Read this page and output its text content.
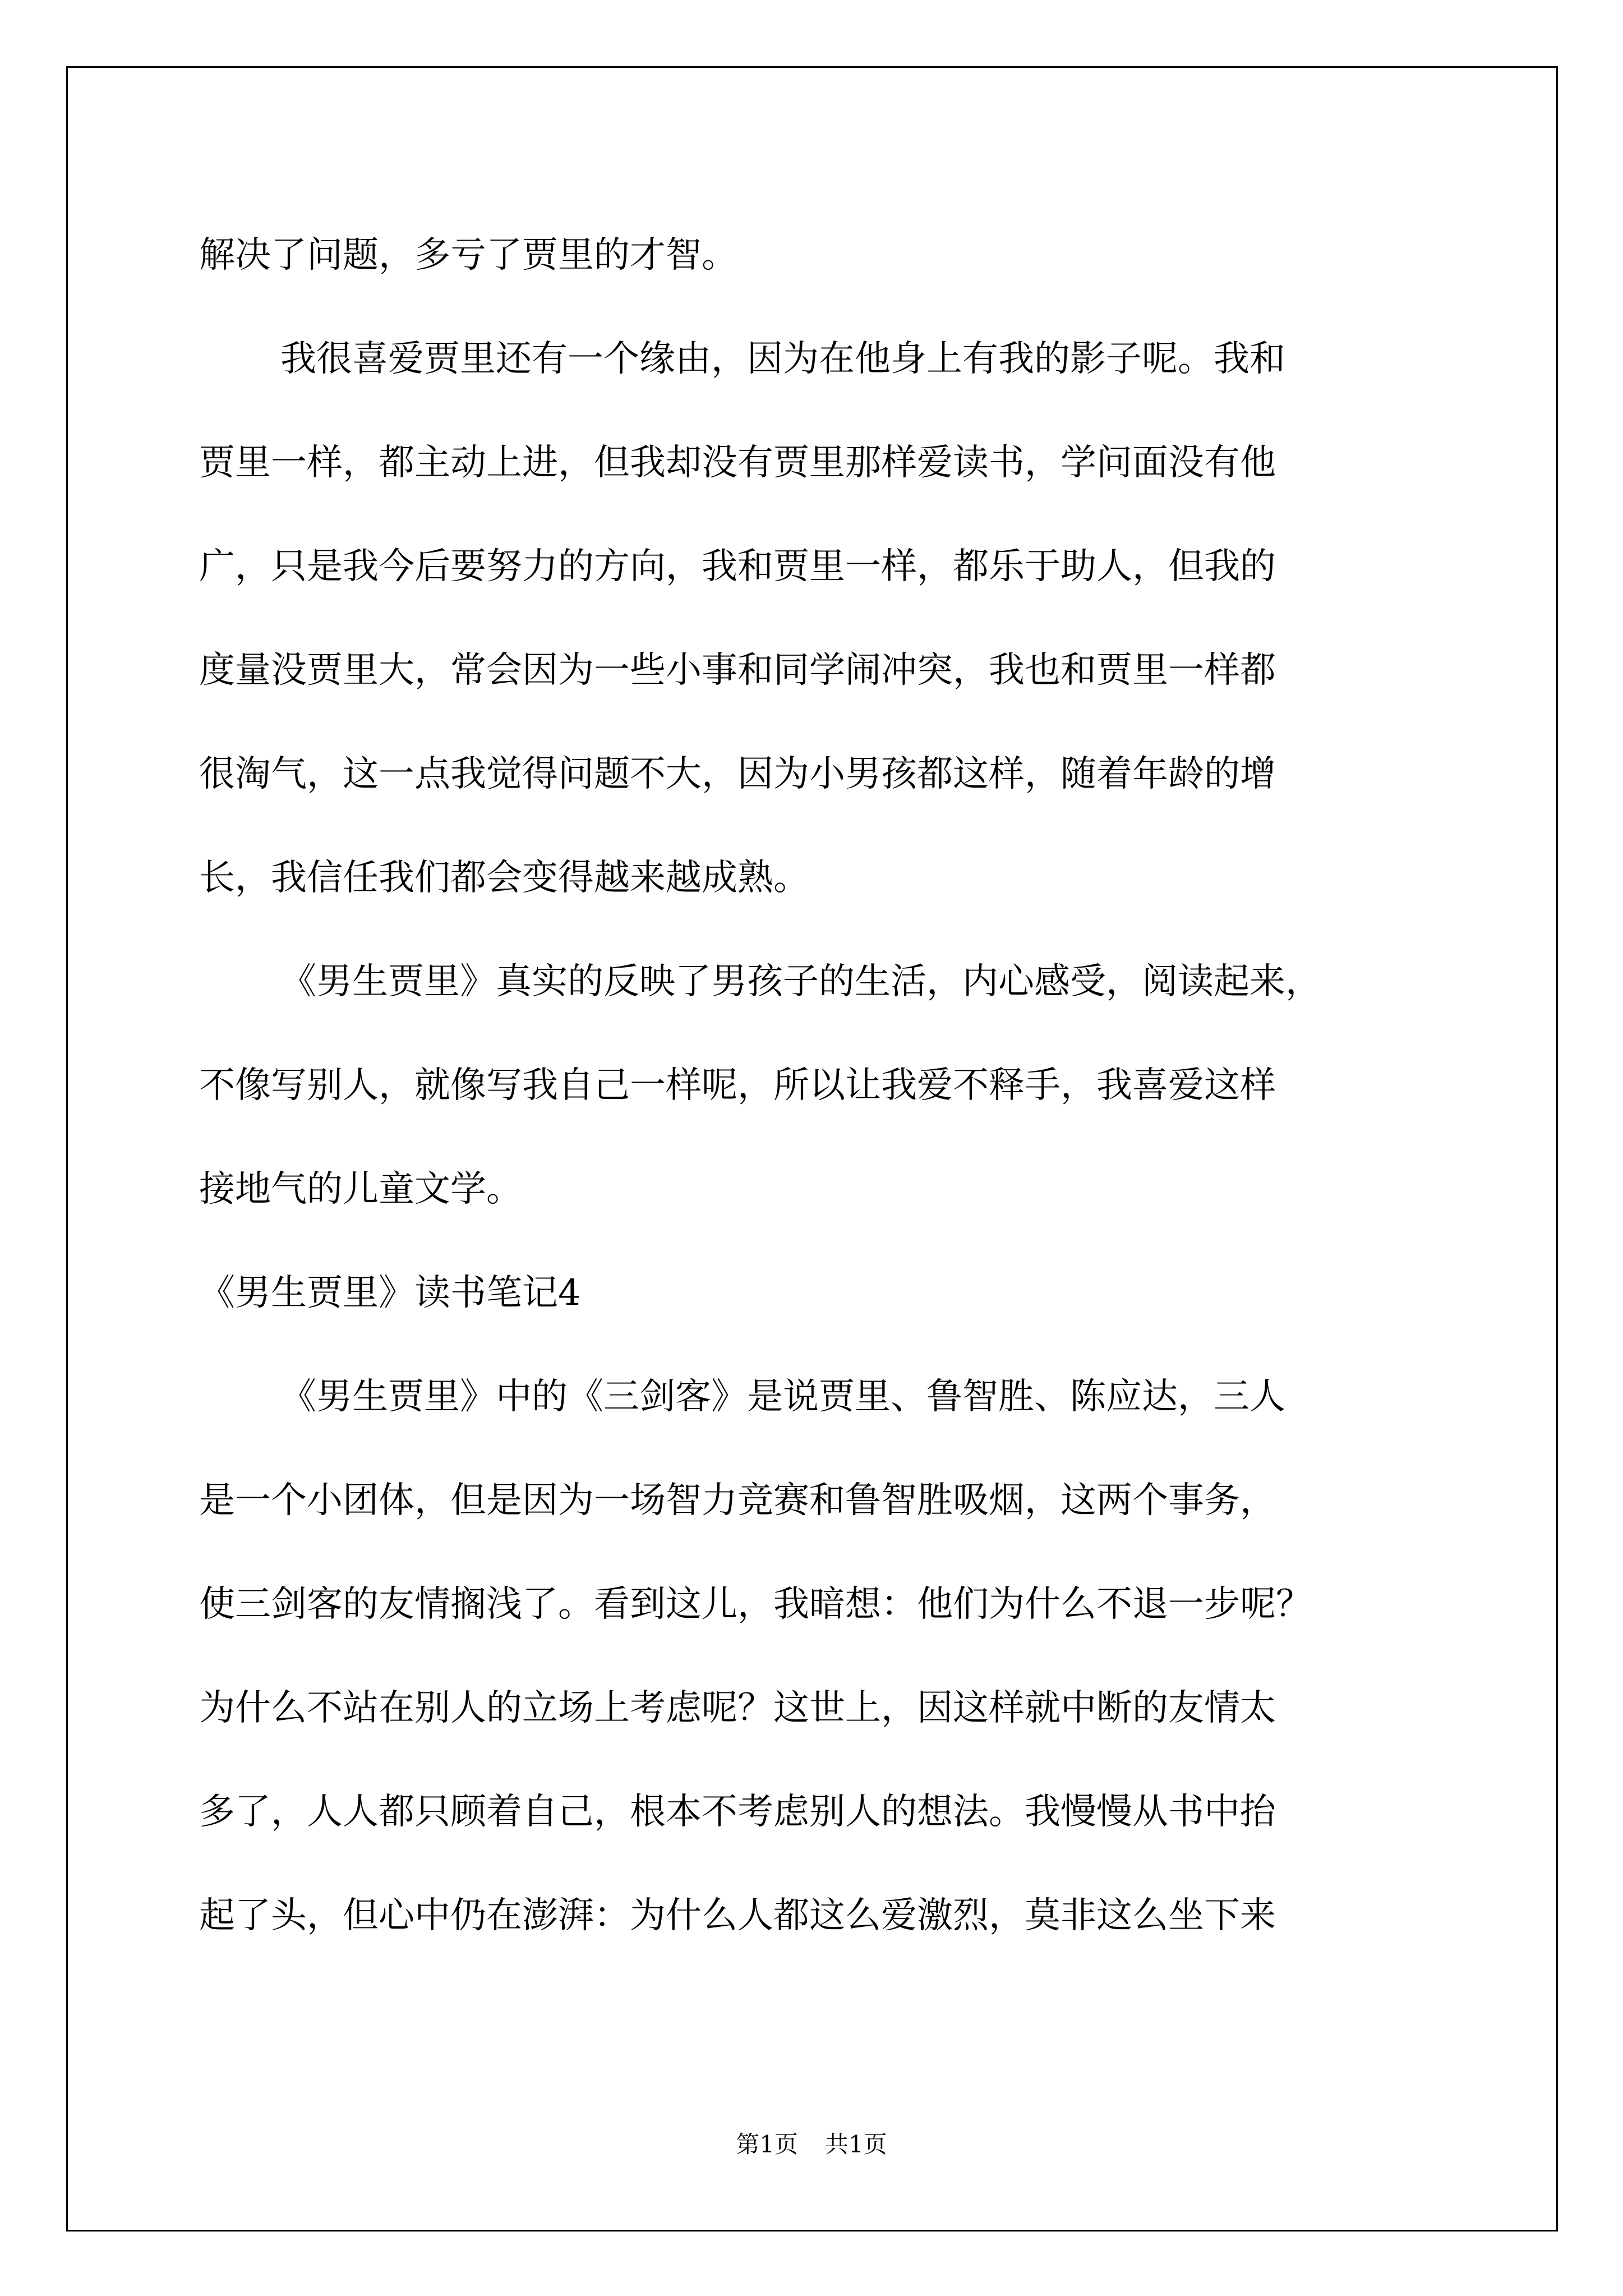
解决了问题，多亏了贾里的才智。
我很喜爱贾里还有一个缘由，因为在他身上有我的影子呢。我和
贾里一样，都主动上进，但我却没有贾里那样爱读书，学问面没有他
广，只是我今后要努力的方向，我和贾里一样，都乐于助人，但我的
度量没贾里大，常会因为一些小事和同学闹冲突，我也和贾里一样都
很淘气，这一点我觉得问题不大，因为小男孩都这样，随着年龄的增
长，我信任我们都会变得越来越成熟。
《男生贾里》真实的反映了男孩子的生活，内心感受，阅读起来，
不像写别人，就像写我自己一样呢，所以让我爱不释手，我喜爱这样
接地气的儿童文学。
《男生贾里》读书笔记4
《男生贾里》中的《三剑客》是说贾里、鲁智胜、陈应达，三人
是一个小团体，但是因为一场智力竞赛和鲁智胜吸烟，这两个事务，
使三剑客的友情搁浅了。看到这儿，我暗想：他们为什么不退一步呢？
为什么不站在别人的立场上考虑呢？这世上，因这样就中断的友情太
多了，人人都只顾着自己，根本不考虑别人的想法。我慢慢从书中抬
起了头，但心中仍在澎湃：为什么人都这么爱激烈，莫非这么坐下来
第1页 共1页
